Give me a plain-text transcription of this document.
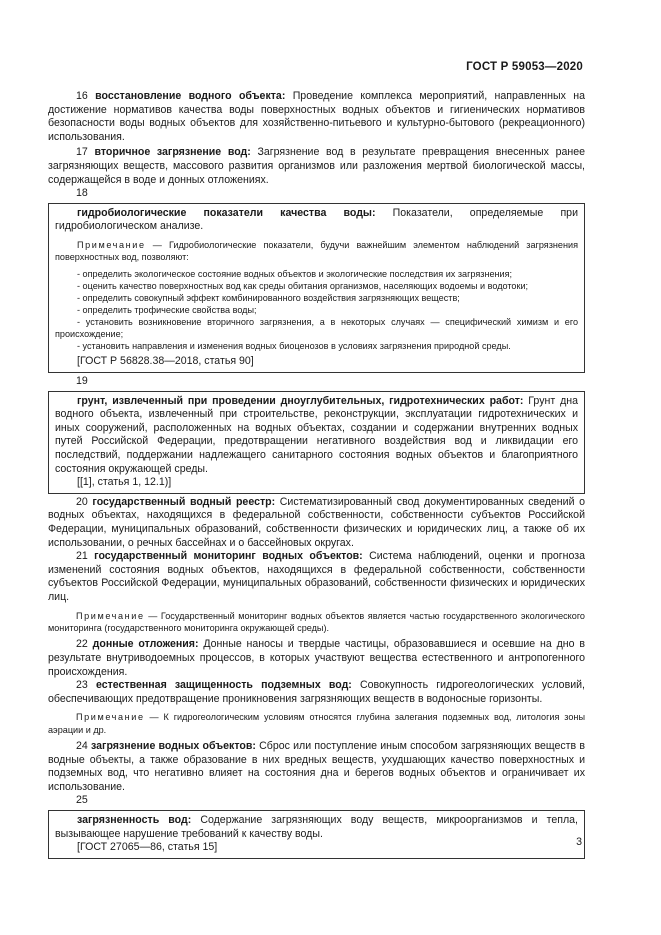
ГОСТ Р 59053—2020

16 восстановление водного объекта: Проведение комплекса мероприятий, направленных на достижение нормативов качества воды поверхностных водных объектов и гигиенических нормативов безопасности воды водных объектов для хозяйственно-питьевого и культурно-бытового (рекреационного) использования.

17 вторичное загрязнение вод: Загрязнение вод в результате превращения внесенных ранее загрязняющих веществ, массового развития организмов или разложения мертвой биологической массы, содержащейся в воде и донных отложениях.

18

гидробиологические показатели качества воды: Показатели, определяемые при гидробиологическом анализе.

Примечание — Гидробиологические показатели, будучи важнейшим элементом наблюдений загрязнения поверхностных вод, позволяют:

- определить экологическое состояние водных объектов и экологические последствия их загрязнения;

- оценить качество поверхностных вод как среды обитания организмов, населяющих водоемы и водотоки;

- определить совокупный эффект комбинированного воздействия загрязняющих веществ;

- определить трофические свойства воды;

- установить возникновение вторичного загрязнения, а в некоторых случаях — специфический химизм и его происхождение;

- установить направления и изменения водных биоценозов в условиях загрязнения природной среды.

[ГОСТ Р 56828.38—2018, статья 90]

19

грунт, извлеченный при проведении дноуглубительных, гидротехнических работ: Грунт дна водного объекта, извлеченный при строительстве, реконструкции, эксплуатации гидротехнических и иных сооружений, расположенных на водных объектах, создании и содержании внутренних водных путей Российской Федерации, предотвращении негативного воздействия вод и ликвидации его последствий, поддержании надлежащего санитарного состояния водных объектов и благоприятного состояния окружающей среды.

[[1], статья 1, 12.1)]

20 государственный водный реестр: Систематизированный свод документированных сведений о водных объектах, находящихся в федеральной собственности, собственности субъектов Российской Федерации, муниципальных образований, собственности физических и юридических лиц, а также об их использовании, о речных бассейнах и о бассейновых округах.

21 государственный мониторинг водных объектов: Система наблюдений, оценки и прогноза изменений состояния водных объектов, находящихся в федеральной собственности, собственности субъектов Российской Федерации, муниципальных образований, собственности физических и юридических лиц.

Примечание — Государственный мониторинг водных объектов является частью государственного экологического мониторинга (государственного мониторинга окружающей среды).

22 донные отложения: Донные наносы и твердые частицы, образовавшиеся и осевшие на дно в результате внутриводоемных процессов, в которых участвуют вещества естественного и антропогенного происхождения.

23 естественная защищенность подземных вод: Совокупность гидрогеологических условий, обеспечивающих предотвращение проникновения загрязняющих веществ в водоносные горизонты.

Примечание — К гидрогеологическим условиям относятся глубина залегания подземных вод, литология зоны аэрации и др.

24 загрязнение водных объектов: Сброс или поступление иным способом загрязняющих веществ в водные объекты, а также образование в них вредных веществ, ухудшающих качество поверхностных и подземных вод, что негативно влияет на состояния дна и берегов водных объектов и ограничивает их использование.

25

загрязненность вод: Содержание загрязняющих воду веществ, микроорганизмов и тепла, вызывающее нарушение требований к качеству воды.

[ГОСТ 27065—86, статья 15]	3
